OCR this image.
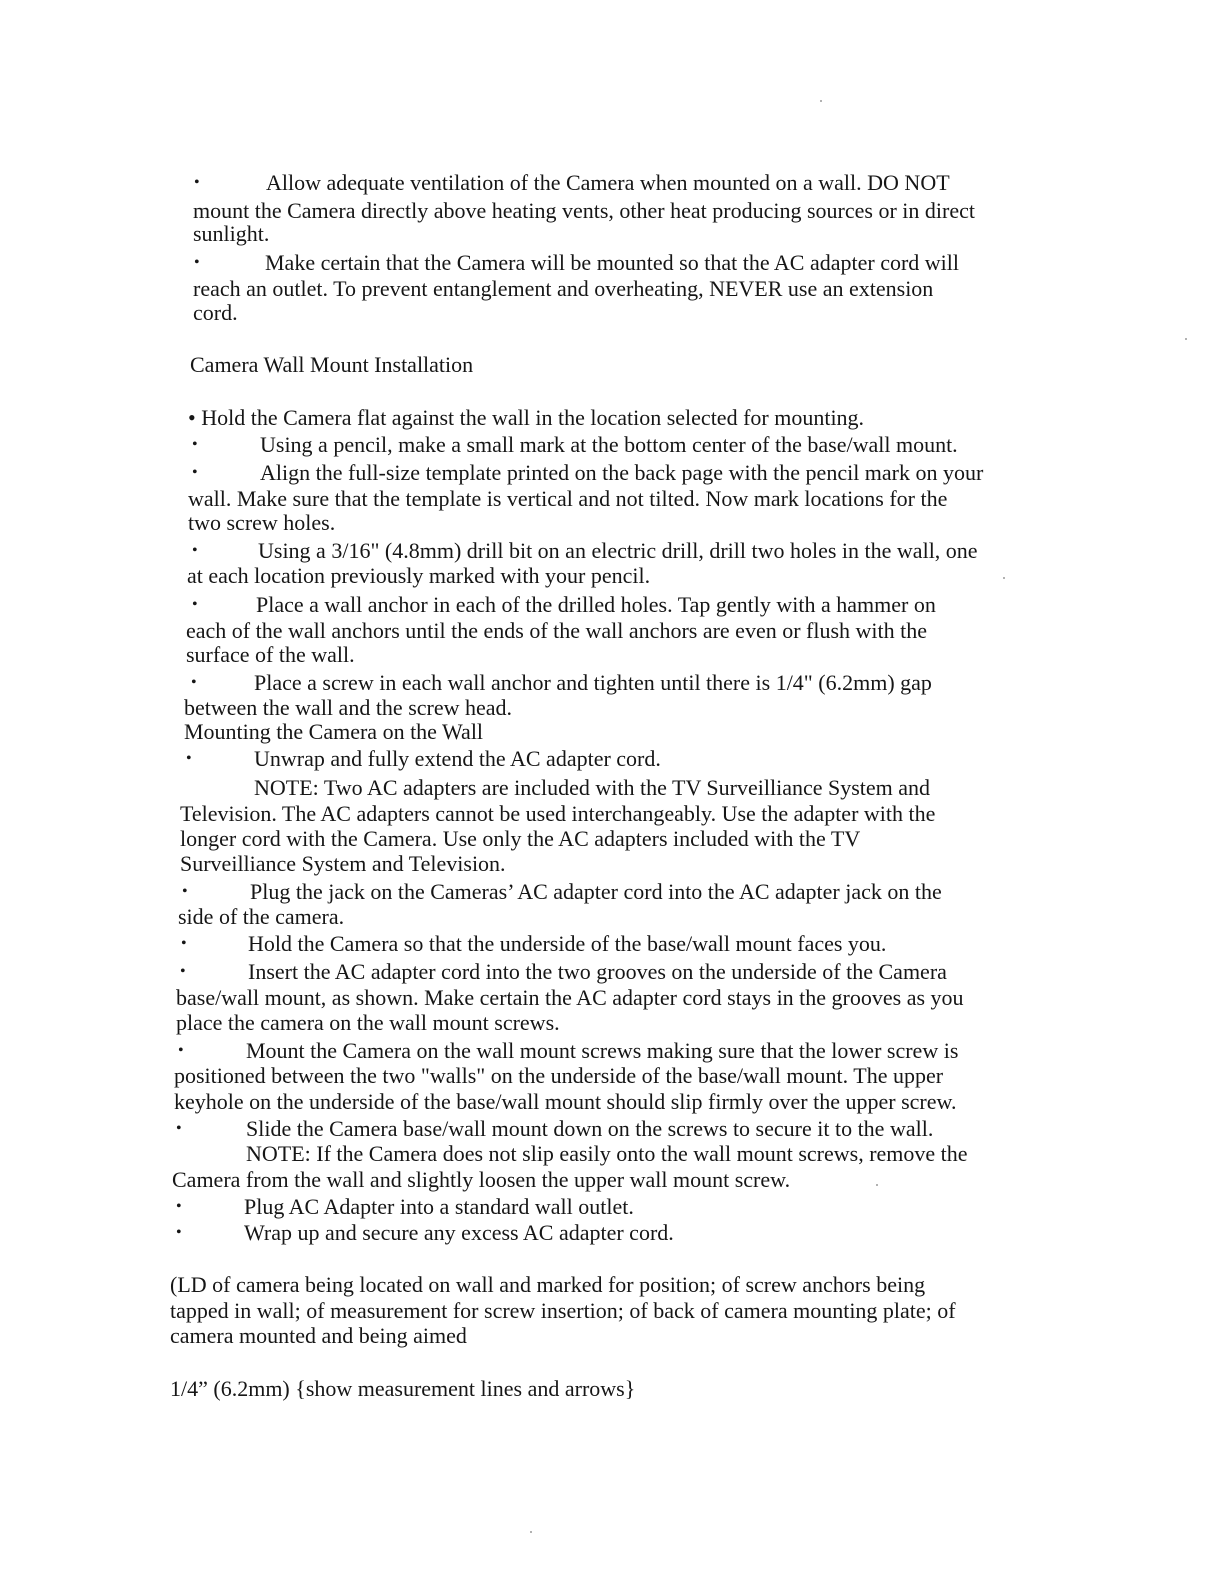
•	Allow adequate ventilation of the Camera when mounted on a wall. DO NOT
mount the Camera directly above heating vents, other heat producing sources or in direct
sunlight.
•	Make certain that the Camera will be mounted so that the AC adapter cord will
reach an outlet. To prevent entanglement and overheating, NEVER use an extension
cord.
Camera Wall Mount Installation
• Hold the Camera flat against the wall in the location selected for mounting.
•	Using a pencil, make a small mark at the bottom center of the base/wall mount.
•	Align the full-size template printed on the back page with the pencil mark on your
wall. Make sure that the template is vertical and not tilted. Now mark locations for the
two screw holes.
•	Using a 3/16" (4.8mm) drill bit on an electric drill, drill two holes in the wall, one
at each location previously marked with your pencil.
•	Place a wall anchor in each of the drilled holes. Tap gently with a hammer on
each of the wall anchors until the ends of the wall anchors are even or flush with the
surface of the wall.
•	Place a screw in each wall anchor and tighten until there is 1/4" (6.2mm) gap
between the wall and the screw head.
Mounting the Camera on the Wall
•	Unwrap and fully extend the AC adapter cord.
NOTE: Two AC adapters are included with the TV Surveilliance System and
Television. The AC adapters cannot be used interchangeably. Use the adapter with the
longer cord with the Camera. Use only the AC adapters included with the TV
Surveilliance System and Television.
•	Plug the jack on the Cameras’ AC adapter cord into the AC adapter jack on the
side of the camera.
•	Hold the Camera so that the underside of the base/wall mount faces you.
•	Insert the AC adapter cord into the two grooves on the underside of the Camera
base/wall mount, as shown. Make certain the AC adapter cord stays in the grooves as you
place the camera on the wall mount screws.
•	Mount the Camera on the wall mount screws making sure that the lower screw is
positioned between the two "walls" on the underside of the base/wall mount. The upper
keyhole on the underside of the base/wall mount should slip firmly over the upper screw.
•	Slide the Camera base/wall mount down on the screws to secure it to the wall.
NOTE: If the Camera does not slip easily onto the wall mount screws, remove the
Camera from the wall and slightly loosen the upper wall mount screw.
•	Plug AC Adapter into a standard wall outlet.
•	Wrap up and secure any excess AC adapter cord.
(LD of camera being located on wall and marked for position; of screw anchors being
tapped in wall; of measurement for screw insertion; of back of camera mounting plate; of
camera mounted and being aimed
1/4” (6.2mm) {show measurement lines and arrows}
